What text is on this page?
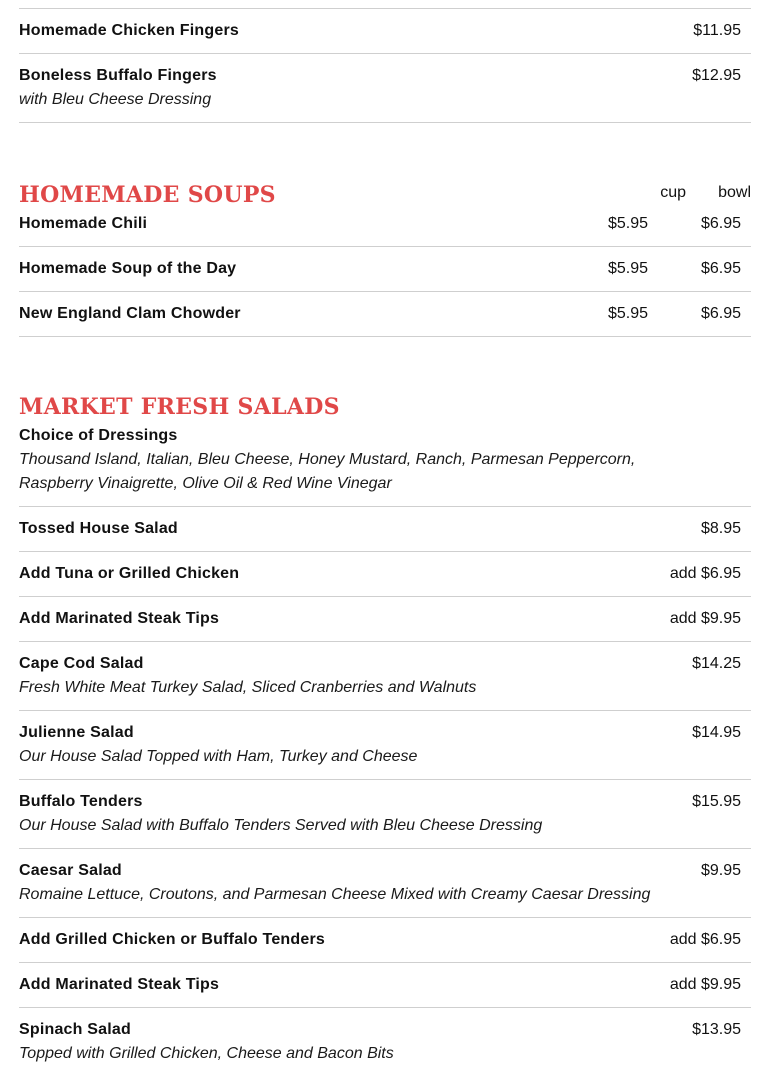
Homemade Chicken Fingers	$11.95
Boneless Buffalo Fingers	$12.95
with Bleu Cheese Dressing
HOMEMADE SOUPS	cup	bowl
Homemade Chili	$5.95	$6.95
Homemade Soup of the Day	$5.95	$6.95
New England Clam Chowder	$5.95	$6.95
MARKET FRESH SALADS
Choice of Dressings
Thousand Island, Italian, Bleu Cheese, Honey Mustard, Ranch, Parmesan Peppercorn, Raspberry Vinaigrette, Olive Oil & Red Wine Vinegar
Tossed House Salad	$8.95
Add Tuna or Grilled Chicken	add $6.95
Add Marinated Steak Tips	add $9.95
Cape Cod Salad	$14.25
Fresh White Meat Turkey Salad, Sliced Cranberries and Walnuts
Julienne Salad	$14.95
Our House Salad Topped with Ham, Turkey and Cheese
Buffalo Tenders	$15.95
Our House Salad with Buffalo Tenders Served with Bleu Cheese Dressing
Caesar Salad	$9.95
Romaine Lettuce, Croutons, and Parmesan Cheese Mixed with Creamy Caesar Dressing
Add Grilled Chicken or Buffalo Tenders	add $6.95
Add Marinated Steak Tips	add $9.95
Spinach Salad	$13.95
Topped with Grilled Chicken, Cheese and Bacon Bits
